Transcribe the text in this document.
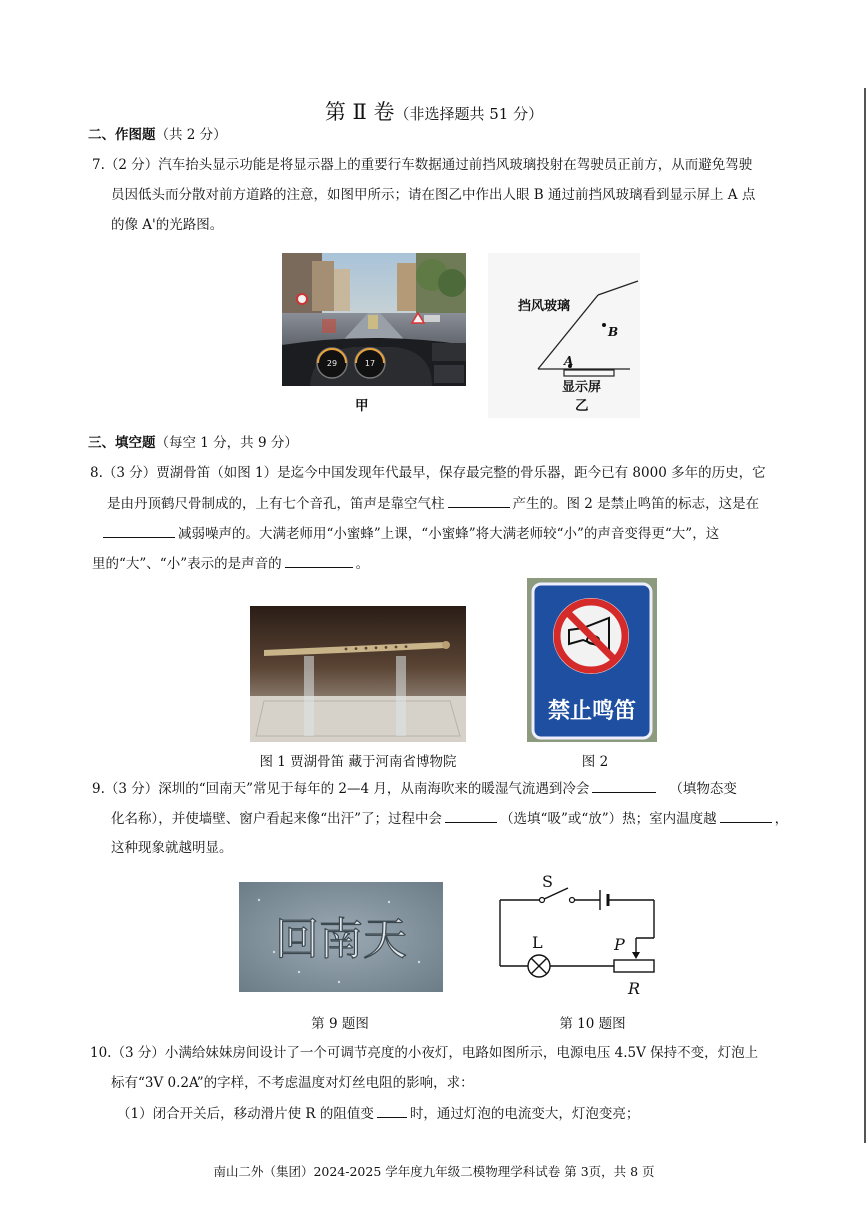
第 Ⅱ 卷（非选择题共 51 分）
二、作图题（共 2 分）
7.（2 分）汽车抬头显示功能是将显示器上的重要行车数据通过前挡风玻璃投射在驾驶员正前方，从而避免驾驶
员因低头而分散对前方道路的注意，如图甲所示；请在图乙中作出人眼 B 通过前挡风玻璃看到显示屏上 A 点
的像 A'的光路图。
29	17
甲
挡风玻璃
B
A
显示屏
乙
三、填空题（每空 1 分，共 9 分）
8.（3 分）贾湖骨笛（如图 1）是迄今中国发现年代最早，保存最完整的骨乐器，距今已有 8000 多年的历史，它
是由丹顶鹤尺骨制成的，上有七个音孔，笛声是靠空气柱	产生的。图 2 是禁止鸣笛的标志，这是在
减弱噪声的。大满老师用“小蜜蜂”上课，“小蜜蜂”将大满老师较“小”的声音变得更“大”，这
里的“大”、“小”表示的是声音的	。
图 1 贾湖骨笛 藏于河南省博物院
禁止鸣笛
图 2
9.（3 分）深圳的“回南天”常见于每年的 2—4 月，从南海吹来的暖湿气流遇到冷会	（填物态变
化名称），并使墙壁、窗户看起来像“出汗”了；过程中会	（选填“吸”或“放”）热；室内温度越	，
这种现象就越明显。
回南天
第 9 题图
S
L	P
R
第 10 题图
10.（3 分）小满给妹妹房间设计了一个可调节亮度的小夜灯，电路如图所示，电源电压 4.5V 保持不变，灯泡上
标有“3V 0.2A”的字样，不考虑温度对灯丝电阻的影响，求：
（1）闭合开关后，移动滑片使 R 的阻值变	时，通过灯泡的电流变大，灯泡变亮；
南山二外（集团）2024-2025 学年度九年级二模物理学科试卷 第 3页，共 8 页
